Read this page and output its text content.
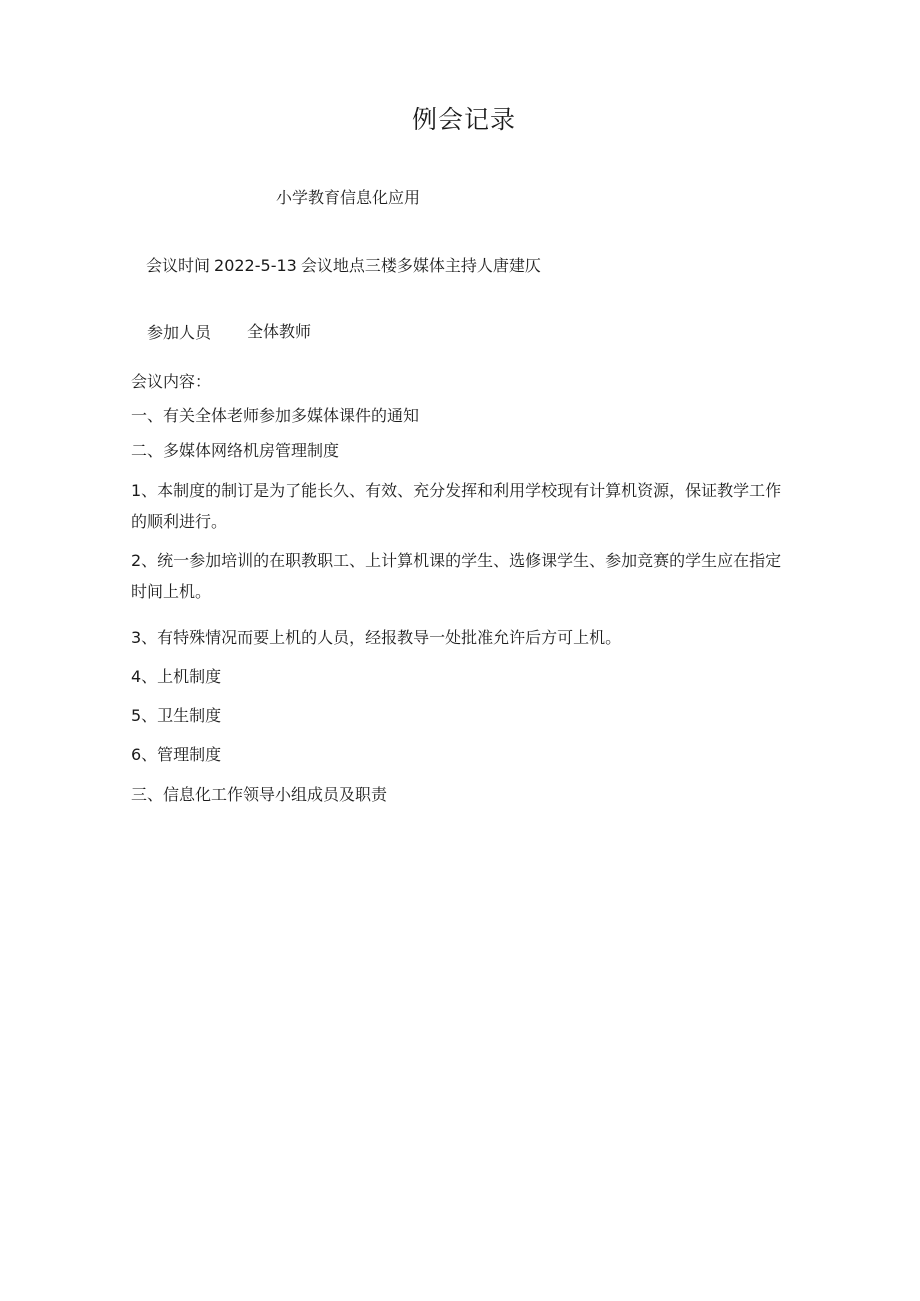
例会记录
小学教育信息化应用
会议时间 2022-5-13 会议地点三楼多媒体主持人唐建仄
参加人员 全体教师
会议内容：
一、有关全体老师参加多媒体课件的通知
二、多媒体网络机房管理制度
1、本制度的制订是为了能长久、有效、充分发挥和利用学校现有计算机资源，保证教学工作的顺利进行。
2、统一参加培训的在职教职工、上计算机课的学生、选修课学生、参加竞赛的学生应在指定时间上机。
3、有特殊情况而要上机的人员，经报教导一处批准允许后方可上机。
4、上机制度
5、卫生制度
6、管理制度
三、信息化工作领导小组成员及职责
